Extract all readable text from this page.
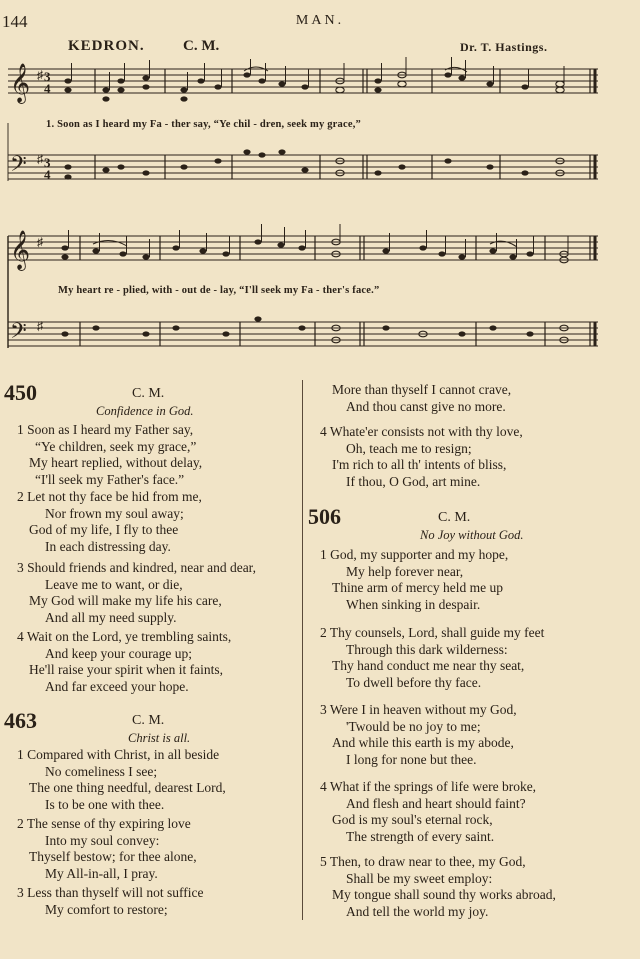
144	MAN.
KEDRON.	C. M.	Dr. T. Hastings.
𝄞
𝄢
♯
♯
3
4
3
4
1. Soon as I heard my Fa - ther say, “Ye chil - dren, seek my grace,”
𝄞
𝄢
♯
♯
My heart re - plied, with - out de - lay, “I'll seek my Fa - ther's face.”
450	C. M.
Confidence in God.
1 Soon as I heard my Father say,
“Ye children, seek my grace,”
My heart replied, without delay,
“I'll seek my Father's face.”
2 Let not thy face be hid from me,
Nor frown my soul away;
God of my life, I fly to thee
In each distressing day.
3 Should friends and kindred, near and dear,
Leave me to want, or die,
My God will make my life his care,
And all my need supply.
4 Wait on the Lord, ye trembling saints,
And keep your courage up;
He'll raise your spirit when it faints,
And far exceed your hope.
463	C. M.
Christ is all.
1 Compared with Christ, in all beside
No comeliness I see;
The one thing needful, dearest Lord,
Is to be one with thee.
2 The sense of thy expiring love
Into my soul convey:
Thyself bestow; for thee alone,
My All-in-all, I pray.
3 Less than thyself will not suffice
My comfort to restore;
More than thyself I cannot crave,
And thou canst give no more.
4 Whate'er consists not with thy love,
Oh, teach me to resign;
I'm rich to all th' intents of bliss,
If thou, O God, art mine.
506	C. M.
No Joy without God.
1 God, my supporter and my hope,
My help forever near,
Thine arm of mercy held me up
When sinking in despair.
2 Thy counsels, Lord, shall guide my feet
Through this dark wilderness:
Thy hand conduct me near thy seat,
To dwell before thy face.
3 Were I in heaven without my God,
'Twould be no joy to me;
And while this earth is my abode,
I long for none but thee.
4 What if the springs of life were broke,
And flesh and heart should faint?
God is my soul's eternal rock,
The strength of every saint.
5 Then, to draw near to thee, my God,
Shall be my sweet employ:
My tongue shall sound thy works abroad,
And tell the world my joy.
